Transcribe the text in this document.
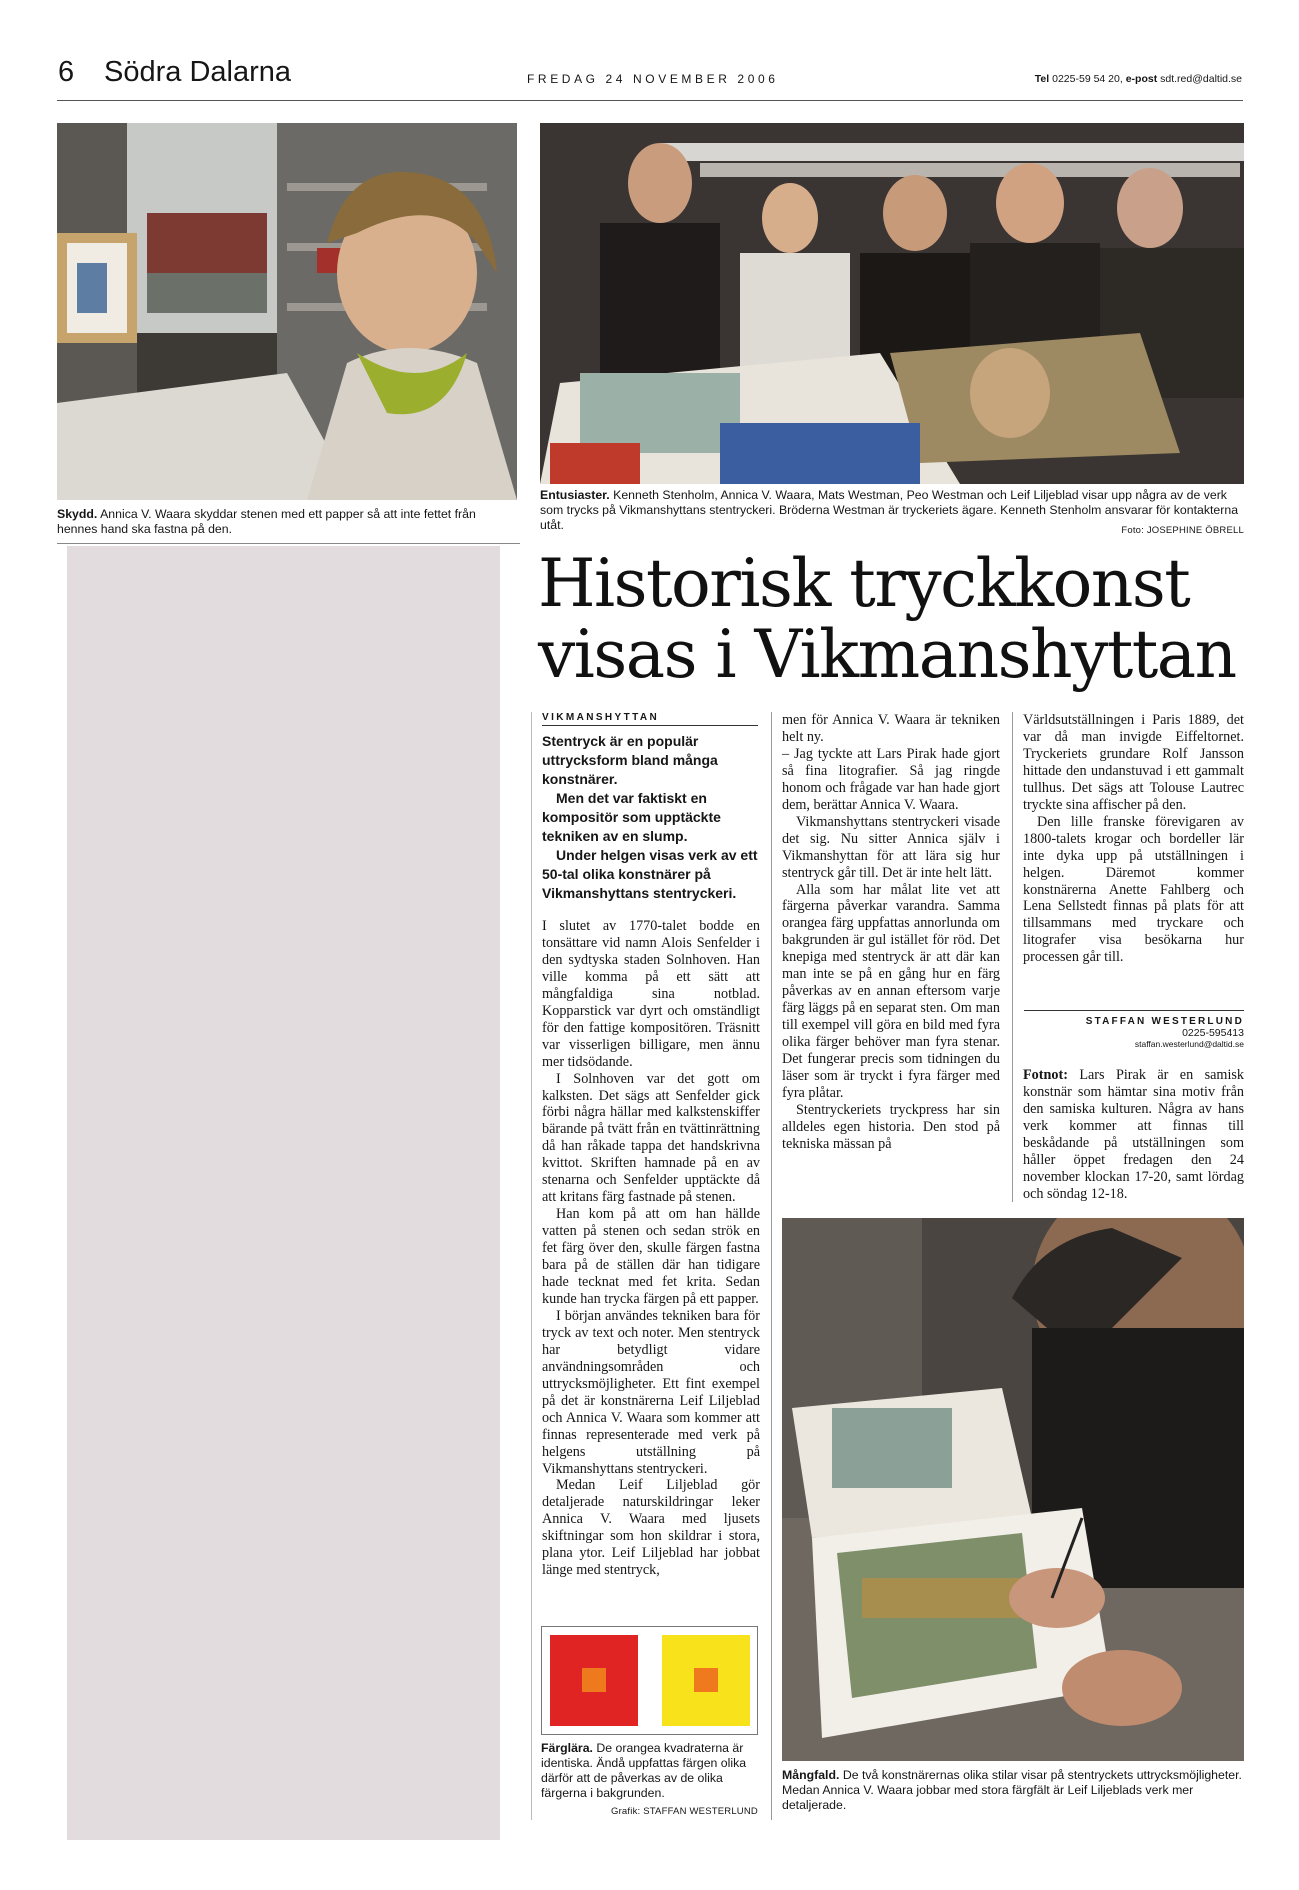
6 Södra Dalarna	FREDAG 24 NOVEMBER 2006	Tel 0225-59 54 20, e-post sdt.red@daltid.se
Skydd. Annica V. Waara skyddar stenen med ett papper så att inte fettet från hennes hand ska fastna på den.
Entusiaster. Kenneth Stenholm, Annica V. Waara, Mats Westman, Peo Westman och Leif Liljeblad visar upp några av de verk som trycks på Vikmanshyttans stentryckeri. Bröderna Westman är tryckeriets ägare. Kenneth Stenholm ansvarar för kontakterna utåt.	Foto: JOSEPHINE ÖBRELL
Historisk tryckkonst
visas i Vikmanshyttan
VIKMANSHYTTAN

Stentryck är en populär uttrycksform bland många konstnärer.

Men det var faktiskt en kompositör som upptäckte tekniken av en slump.

Under helgen visas verk av ett 50-tal olika konstnärer på Vikmanshyttans stentryckeri.

I slutet av 1770-talet bodde en tonsättare vid namn Alois Senfelder i den sydtyska staden Solnhoven. Han ville komma på ett sätt att mångfaldiga sina notblad. Kopparstick var dyrt och omständligt för den fattige kompositören. Träsnitt var visserligen billigare, men ännu mer tidsödande.

I Solnhoven var det gott om kalksten. Det sägs att Senfelder gick förbi några hällar med kalkstenskiffer bärande på tvätt från en tvättinrättning då han råkade tappa det handskrivna kvittot. Skriften hamnade på en av stenarna och Senfelder upptäckte då att kritans färg fastnade på stenen.

Han kom på att om han hällde vatten på stenen och sedan strök en fet färg över den, skulle färgen fastna bara på de ställen där han tidigare hade tecknat med fet krita. Sedan kunde han trycka färgen på ett papper.

I början användes tekniken bara för tryck av text och noter. Men stentryck har betydligt vidare användningsområden och uttrycksmöjligheter. Ett fint exempel på det är konstnärerna Leif Liljeblad och Annica V. Waara som kommer att finnas representerade med verk på helgens utställning på Vikmanshyttans stentryckeri.

Medan Leif Liljeblad gör detaljerade naturskildringar leker Annica V. Waara med ljusets skiftningar som hon skildrar i stora, plana ytor. Leif Liljeblad har jobbat länge med stentryck,

men för Annica V. Waara är tekniken helt ny.

– Jag tyckte att Lars Pirak hade gjort så fina litografier. Så jag ringde honom och frågade var han hade gjort dem, berättar Annica V. Waara.

Vikmanshyttans stentryckeri visade det sig. Nu sitter Annica själv i Vikmanshyttan för att lära sig hur stentryck går till. Det är inte helt lätt.

Alla som har målat lite vet att färgerna påverkar varandra. Samma orangea färg uppfattas annorlunda om bakgrunden är gul istället för röd. Det knepiga med stentryck är att där kan man inte se på en gång hur en färg påverkas av en annan eftersom varje färg läggs på en separat sten. Om man till exempel vill göra en bild med fyra olika färger behöver man fyra stenar. Det fungerar precis som tidningen du läser som är tryckt i fyra färger med fyra plåtar.

Stentryckeriets tryckpress har sin alldeles egen historia. Den stod på tekniska mässan på

Världsutställningen i Paris 1889, det var då man invigde Eiffeltornet. Tryckeriets grundare Rolf Jansson hittade den undanstuvad i ett gammalt tullhus. Det sägs att Tolouse Lautrec tryckte sina affischer på den.

Den lille franske förevigaren av 1800-talets krogar och bordeller lär inte dyka upp på utställningen i helgen. Däremot kommer konstnärerna Anette Fahlberg och Lena Sellstedt finnas på plats för att tillsammans med tryckare och litografer visa besökarna hur processen går till.

STAFFAN WESTERLUND
0225-595413
staffan.westerlund@daltid.se
Fotnot: Lars Pirak är en samisk konstnär som hämtar sina motiv från den samiska kulturen. Några av hans verk kommer att finnas till beskådande på utställningen som håller öppet fredagen den 24 november klockan 17-20, samt lördag och söndag 12-18.
Färglära. De orangea kvadraterna är identiska. Ändå uppfattas färgen olika därför att de påverkas av de olika färgerna i bakgrunden.
Grafik: STAFFAN WESTERLUND
Mångfald. De två konstnärernas olika stilar visar på stentryckets uttrycksmöjligheter. Medan Annica V. Waara jobbar med stora färgfält är Leif Liljeblads verk mer detaljerade.
